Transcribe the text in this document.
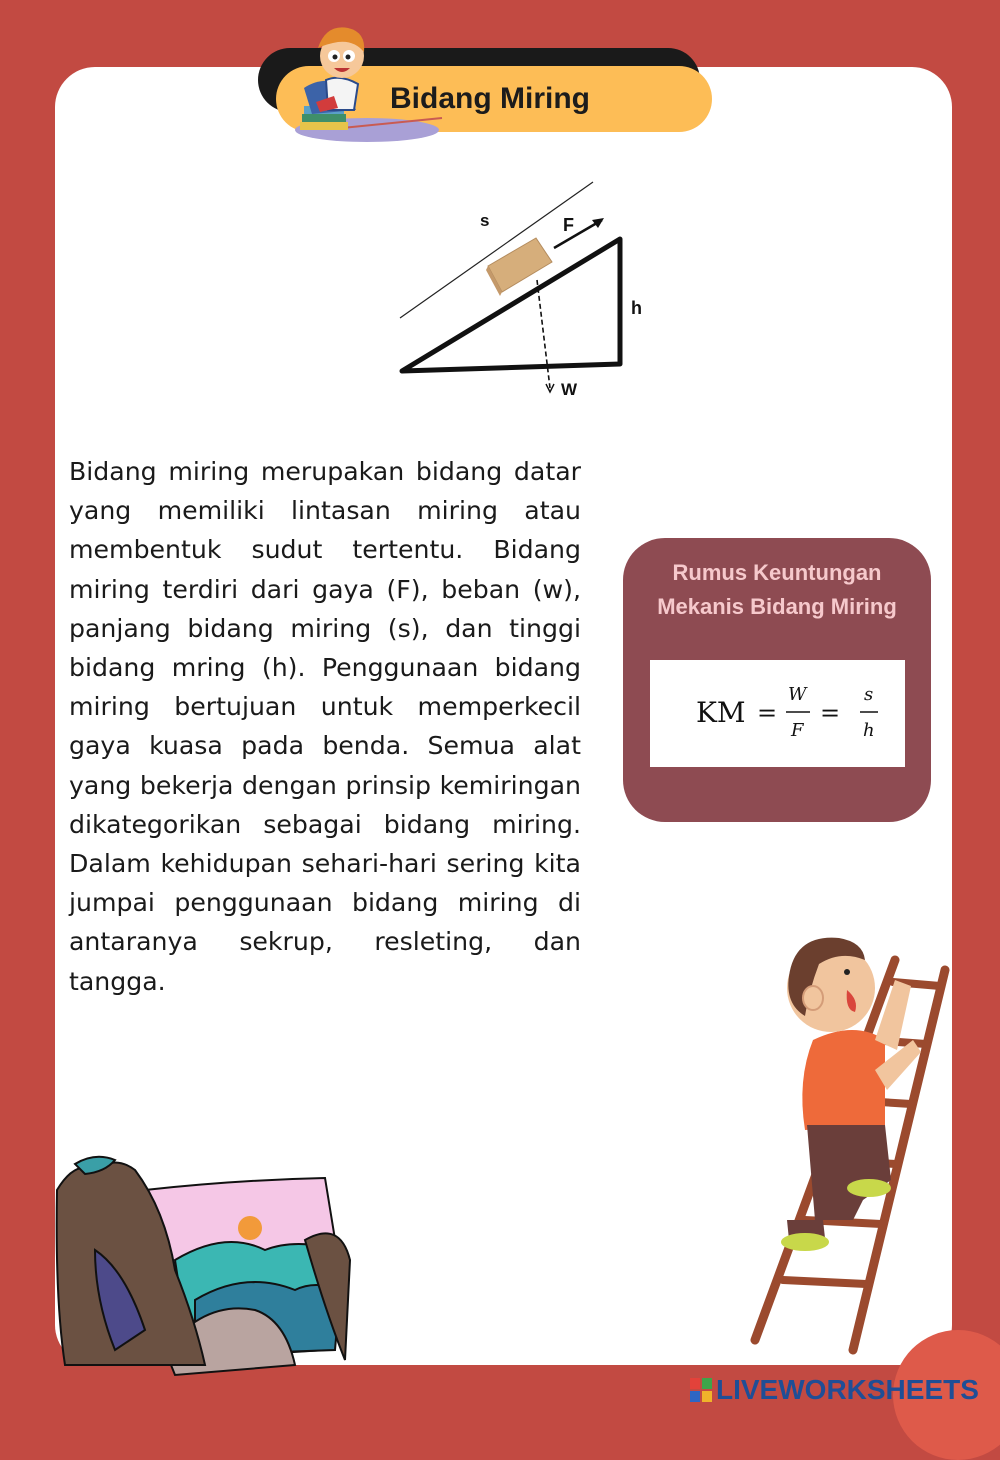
Bidang Miring
s	F
h
W

Bidang miring merupakan bidang datar yang memiliki lintasan miring atau membentuk sudut tertentu. Bidang miring terdiri dari gaya (F), beban (w), panjang bidang miring (s), dan tinggi bidang mring (h). Penggunaan bidang miring bertujuan untuk memperkecil gaya kuasa pada benda. Semua alat yang bekerja dengan prinsip kemiringan dikategorikan sebagai bidang miring. Dalam kehidupan sehari-hari sering kita jumpai penggunaan bidang miring di antaranya sekrup, resleting, dan tangga.

Rumus Keuntungan
Mekanis Bidang Miring
KM =
W
F
=
s
h
LIVEWORKSHEETS
